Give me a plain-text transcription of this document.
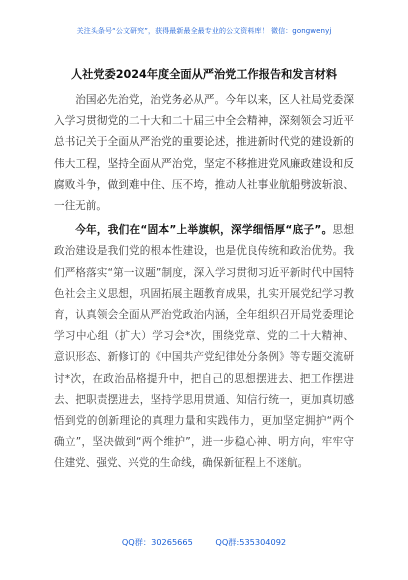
关注头条号“公文研究”，获得最新最全最专业的公文资料库！ 微信：gongwenyj
人社党委2024年度全面从严治党工作报告和发言材料

治国必先治党，治党务必从严。今年以来，区人社局党委深入学习贯彻党的二十大和二十届三中全会精神，深刻领会习近平总书记关于全面从严治党的重要论述，推进新时代党的建设新的伟大工程，坚持全面从严治党，坚定不移推进党风廉政建设和反腐败斗争，做到难中住、压不垮，推动人社事业航船劈波斩浪、一往无前。

今年，我们在“固本”上举旗帜，深学细悟厚“底子”。思想政治建设是我们党的根本性建设，也是优良传统和政治优势。我们严格落实“第一议题”制度，深入学习贯彻习近平新时代中国特色社会主义思想，巩固拓展主题教育成果，扎实开展党纪学习教育，认真领会全面从严治党政治内涵，全年组织召开局党委理论学习中心组（扩大）学习会*次，围绕党章、党的二十大精神、意识形态、新修订的《中国共产党纪律处分条例》等专题交流研讨*次，在政治品格提升中，把自己的思想摆进去、把工作摆进去、把职责摆进去，坚持学思用贯通、知信行统一，更加真切感悟到党的创新理论的真理力量和实践伟力，更加坚定拥护“两个确立”，坚决做到“两个维护”，进一步稳心神、明方向，牢牢守住建党、强党、兴党的生命线，确保新征程上不迷航。

QQ群：30265665	QQ群:535304092
